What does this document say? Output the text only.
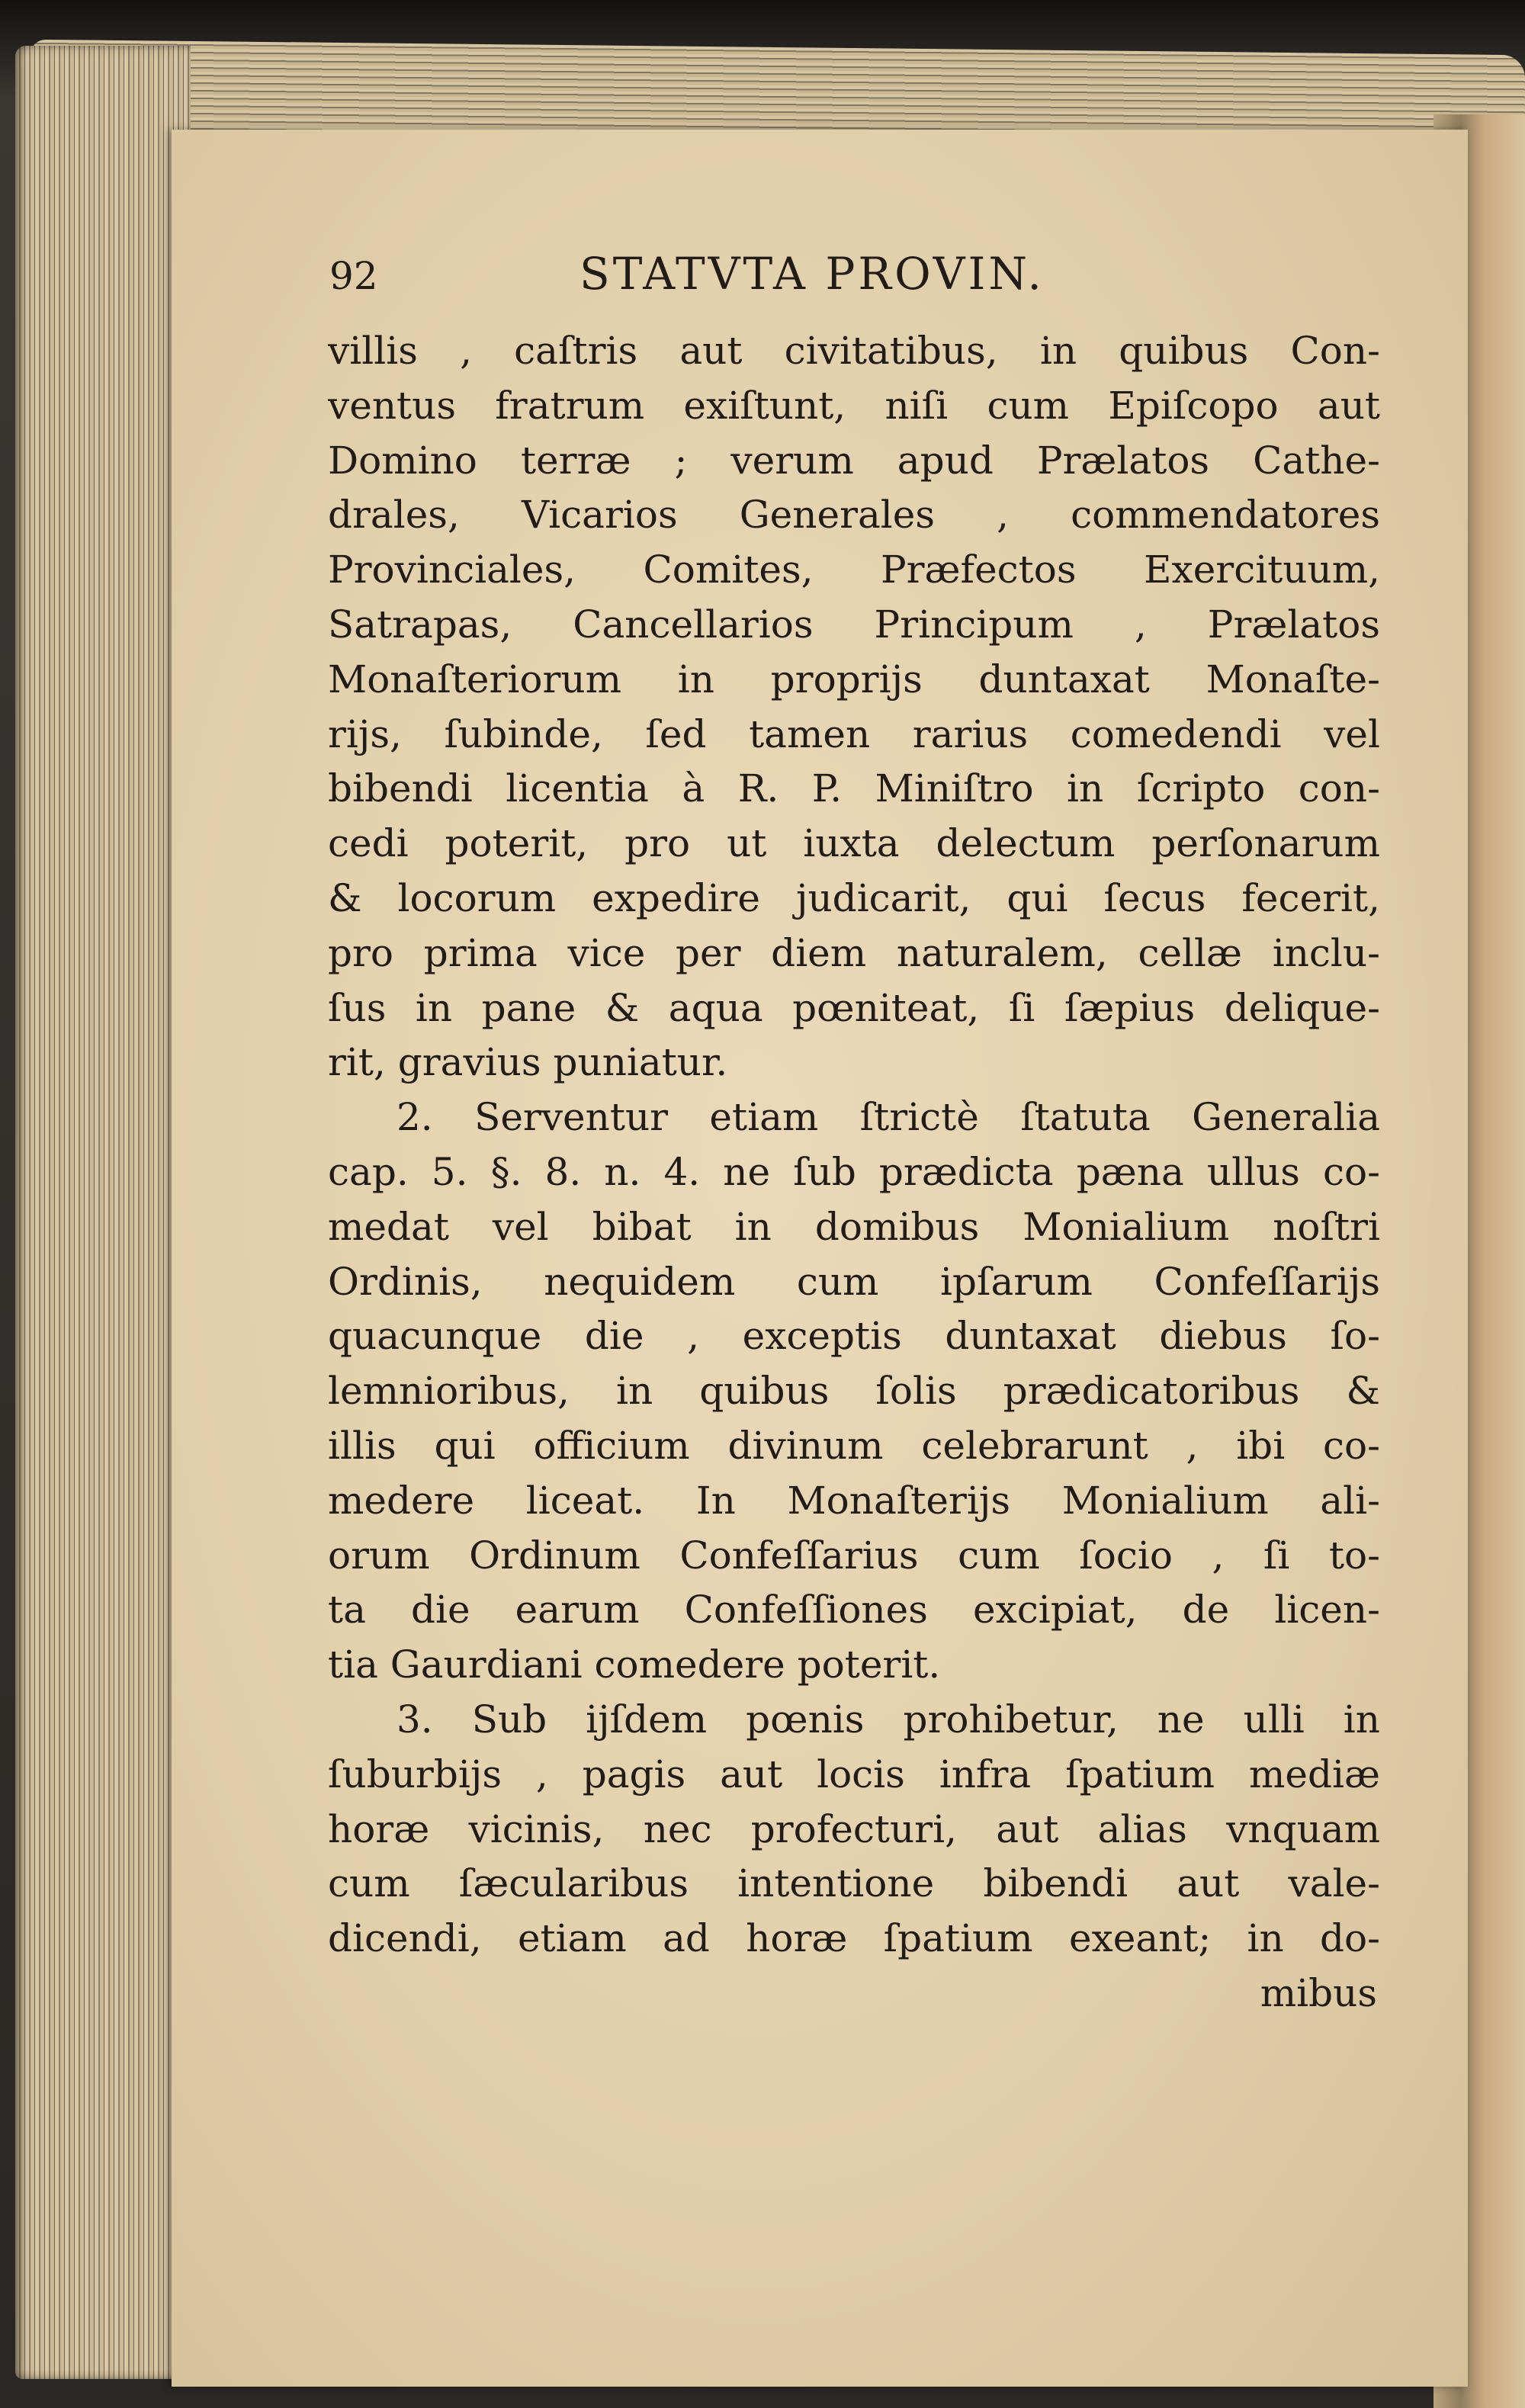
92	STATVTA PROVIN.
villis , caſtris aut civitatibus, in quibus Con-
ventus fratrum exiſtunt, niſi cum Epiſcopo aut
Domino terræ ; verum apud Prælatos Cathe-
drales, Vicarios Generales , commendatores
Provinciales, Comites, Præfectos Exercituum,
Satrapas, Cancellarios Principum , Prælatos
Monaſteriorum in proprijs duntaxat Monaſte-
rijs, ſubinde, ſed tamen rarius comedendi vel
bibendi licentia à R. P. Miniſtro in ſcripto con-
cedi poterit, pro ut iuxta delectum perſonarum
& locorum expedire judicarit, qui ſecus fecerit,
pro prima vice per diem naturalem, cellæ inclu-
ſus in pane & aqua pœniteat, ſi ſæpius delique-
rit, gravius puniatur.
2. Serventur etiam ſtrictè ſtatuta Generalia
cap. 5. §. 8. n. 4. ne ſub prædicta pæna ullus co-
medat vel bibat in domibus Monialium noſtri
Ordinis, nequidem cum ipſarum Confeſſarijs
quacunque die , exceptis duntaxat diebus ſo-
lemnioribus, in quibus ſolis prædicatoribus &
illis qui officium divinum celebrarunt , ibi co-
medere liceat. In Monaſterijs Monialium ali-
orum Ordinum Confeſſarius cum ſocio , ſi to-
ta die earum Confeſſiones excipiat, de licen-
tia Gaurdiani comedere poterit.
3. Sub ijſdem pœnis prohibetur, ne ulli in
ſuburbijs , pagis aut locis infra ſpatium mediæ
horæ vicinis, nec profecturi, aut alias vnquam
cum ſæcularibus intentione bibendi aut vale-
dicendi, etiam ad horæ ſpatium exeant; in do-
mibus
